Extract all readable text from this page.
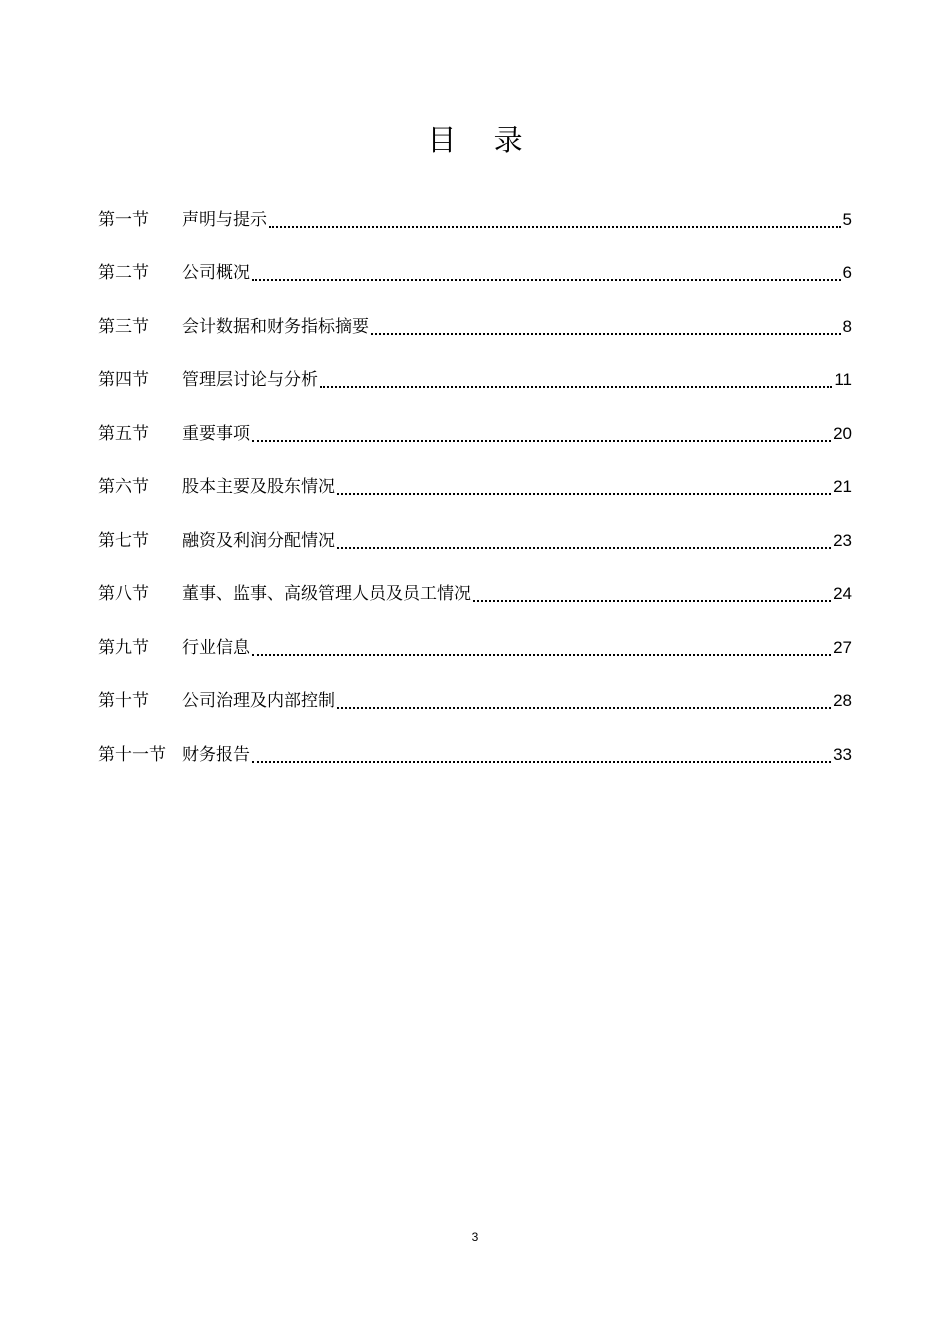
目 录
第一节	声明与提示	5
第二节	公司概况	6
第三节	会计数据和财务指标摘要	8
第四节	管理层讨论与分析	11
第五节	重要事项	20
第六节	股本主要及股东情况	21
第七节	融资及利润分配情况	23
第八节	董事、监事、高级管理人员及员工情况	24
第九节	行业信息	27
第十节	公司治理及内部控制	28
第十一节 财务报告	33
3
